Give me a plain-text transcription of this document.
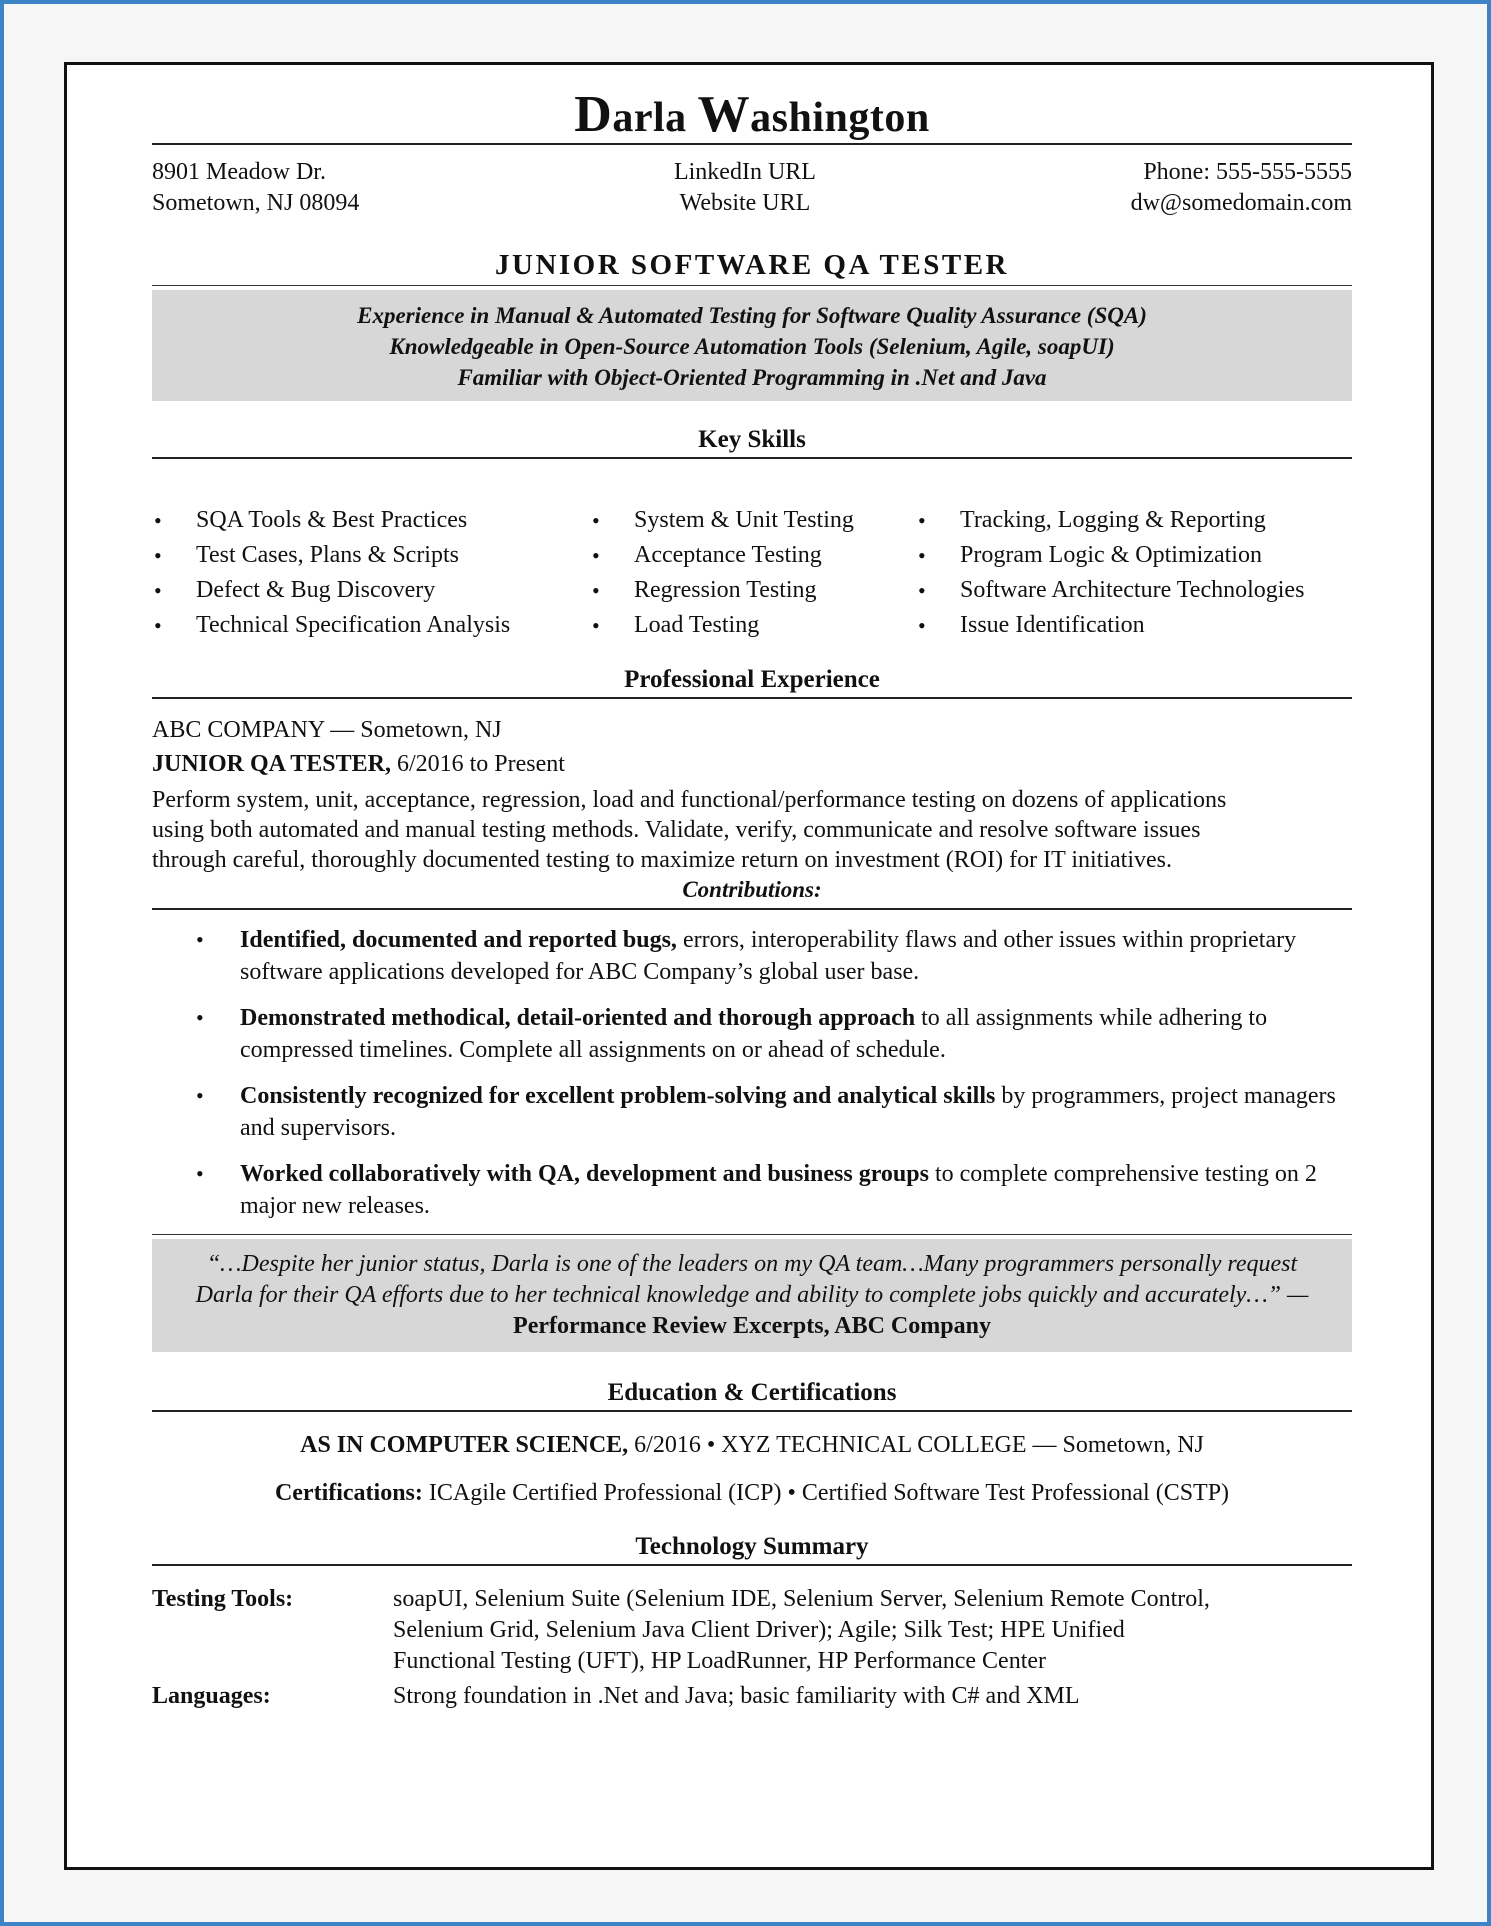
Darla Washington
8901 Meadow Dr.
Sometown, NJ 08094
LinkedIn URL
Website URL
Phone: 555-555-5555
dw@somedomain.com
JUNIOR SOFTWARE QA TESTER
Experience in Manual & Automated Testing for Software Quality Assurance (SQA)
Knowledgeable in Open-Source Automation Tools (Selenium, Agile, soapUI)
Familiar with Object-Oriented Programming in .Net and Java
Key Skills
• SQA Tools & Best Practices
• Test Cases, Plans & Scripts
• Defect & Bug Discovery
• Technical Specification Analysis
• System & Unit Testing
• Acceptance Testing
• Regression Testing
• Load Testing
• Tracking, Logging & Reporting
• Program Logic & Optimization
• Software Architecture Technologies
• Issue Identification
Professional Experience
ABC COMPANY — Sometown, NJ
JUNIOR QA TESTER, 6/2016 to Present
Perform system, unit, acceptance, regression, load and functional/performance testing on dozens of applications
using both automated and manual testing methods. Validate, verify, communicate and resolve software issues
through careful, thoroughly documented testing to maximize return on investment (ROI) for IT initiatives.
Contributions:
• Identified, documented and reported bugs, errors, interoperability flaws and other issues within proprietary software applications developed for ABC Company’s global user base.
• Demonstrated methodical, detail-oriented and thorough approach to all assignments while adhering to compressed timelines. Complete all assignments on or ahead of schedule.
• Consistently recognized for excellent problem-solving and analytical skills by programmers, project managers and supervisors.
• Worked collaboratively with QA, development and business groups to complete comprehensive testing on 2 major new releases.
“…Despite her junior status, Darla is one of the leaders on my QA team…Many programmers personally request Darla for their QA efforts due to her technical knowledge and ability to complete jobs quickly and accurately…” — Performance Review Excerpts, ABC Company
Education & Certifications
AS IN COMPUTER SCIENCE, 6/2016 • XYZ TECHNICAL COLLEGE — Sometown, NJ
Certifications: ICAgile Certified Professional (ICP) • Certified Software Test Professional (CSTP)
Technology Summary
Testing Tools:	soapUI, Selenium Suite (Selenium IDE, Selenium Server, Selenium Remote Control, Selenium Grid, Selenium Java Client Driver); Agile; Silk Test; HPE Unified Functional Testing (UFT), HP LoadRunner, HP Performance Center
Languages:	Strong foundation in .Net and Java; basic familiarity with C# and XML
